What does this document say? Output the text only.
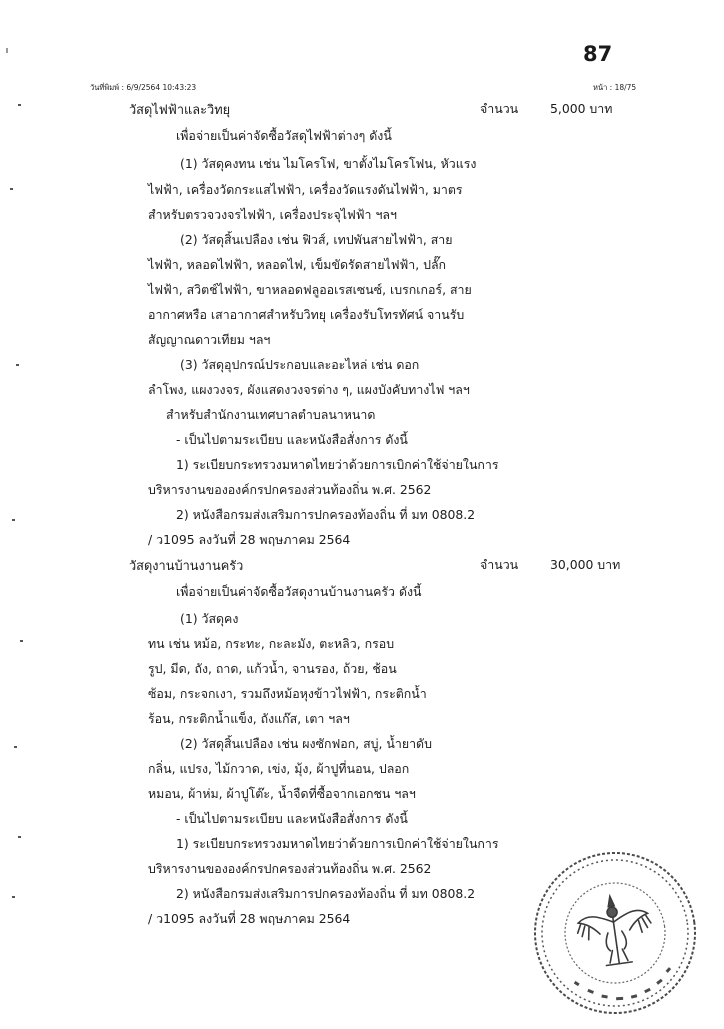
87
วันที่พิมพ์ : 6/9/2564 10:43:23	หน้า : 18/75
วัสดุไฟฟ้าและวิทยุ	จำนวน	5,000 บาท
เพื่อจ่ายเป็นค่าจัดซื้อวัสดุไฟฟ้าต่างๆ ดังนี้
(1) วัสดุคงทน เช่น ไมโครโฟ, ขาตั้งไมโครโฟน, หัวแรง
ไฟฟ้า, เครื่องวัดกระแสไฟฟ้า, เครื่องวัดแรงดันไฟฟ้า, มาตร
สำหรับตรวจวงจรไฟฟ้า, เครื่องประจุไฟฟ้า ฯลฯ
(2) วัสดุสิ้นเปลือง เช่น ฟิวส์, เทปพันสายไฟฟ้า, สาย
ไฟฟ้า, หลอดไฟฟ้า, หลอดไฟ, เข็มขัดรัดสายไฟฟ้า, ปลั๊ก
ไฟฟ้า, สวิตช์ไฟฟ้า, ขาหลอดฟลูออเรสเซนซ์, เบรกเกอร์, สาย
อากาศหรือ เสาอากาศสำหรับวิทยุ เครื่องรับโทรทัศน์ จานรับ
สัญญาณดาวเทียม ฯลฯ
(3) วัสดุอุปกรณ์ประกอบและอะไหล่ เช่น ดอก
ลำโพง, แผงวงจร, ผังแสดงวงจรต่าง ๆ, แผงบังคับทางไฟ ฯลฯ
สำหรับสำนักงานเทศบาลตำบลนาหนาด
- เป็นไปตามระเบียบ และหนังสือสั่งการ ดังนี้
1) ระเบียบกระทรวงมหาดไทยว่าด้วยการเบิกค่าใช้จ่ายในการ
บริหารงานขององค์กรปกครองส่วนท้องถิ่น พ.ศ. 2562
2) หนังสือกรมส่งเสริมการปกครองท้องถิ่น ที่ มท 0808.2
/ ว1095 ลงวันที่ 28 พฤษภาคม 2564
วัสดุงานบ้านงานครัว	จำนวน	30,000 บาท
เพื่อจ่ายเป็นค่าจัดซื้อวัสดุงานบ้านงานครัว ดังนี้
(1) วัสดุคง
ทน เช่น หม้อ, กระทะ, กะละมัง, ตะหลิว, กรอบ
รูป, มีด, ถัง, ถาด, แก้วน้ำ, จานรอง, ถ้วย, ช้อน
ซ้อม, กระจกเงา, รวมถึงหม้อหุงข้าวไฟฟ้า, กระติกน้ำ
ร้อน, กระติกน้ำแข็ง, ถังแก๊ส, เตา ฯลฯ
(2) วัสดุสิ้นเปลือง เช่น ผงซักฟอก, สบู่, น้ำยาดับ
กลิ่น, แปรง, ไม้กวาด, เข่ง, มุ้ง, ผ้าปูที่นอน, ปลอก
หมอน, ผ้าห่ม, ผ้าปูโต๊ะ, น้ำจืดที่ซื้อจากเอกชน ฯลฯ
- เป็นไปตามระเบียบ และหนังสือสั่งการ ดังนี้
1) ระเบียบกระทรวงมหาดไทยว่าด้วยการเบิกค่าใช้จ่ายในการ
บริหารงานขององค์กรปกครองส่วนท้องถิ่น พ.ศ. 2562
2) หนังสือกรมส่งเสริมการปกครองท้องถิ่น ที่ มท 0808.2
/ ว1095 ลงวันที่ 28 พฤษภาคม 2564
